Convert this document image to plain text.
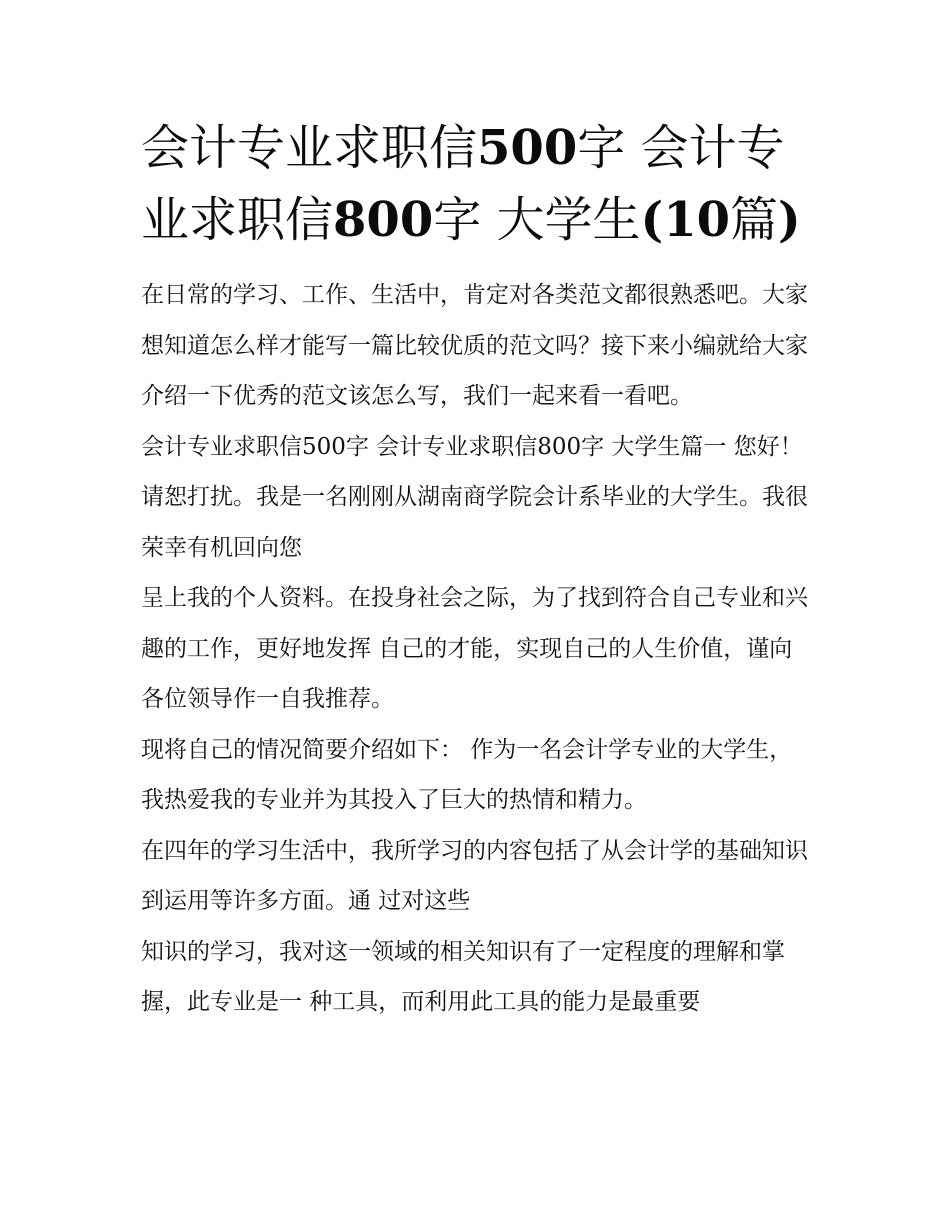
会计专业求职信500字 会计专业求职信800字 大学生(10篇)

在日常的学习、工作、生活中，肯定对各类范文都很熟悉吧。大家想知道怎么样才能写一篇比较优质的范文吗？接下来小编就给大家介绍一下优秀的范文该怎么写，我们一起来看一看吧。

会计专业求职信500字 会计专业求职信800字 大学生篇一 您好！请恕打扰。我是一名刚刚从湖南商学院会计系毕业的大学生。我很荣幸有机回向您

呈上我的个人资料。在投身社会之际，为了找到符合自己专业和兴趣的工作，更好地发挥 自己的才能，实现自己的人生价值，谨向各位领导作一自我推荐。

现将自己的情况简要介绍如下： 作为一名会计学专业的大学生，我热爱我的专业并为其投入了巨大的热情和精力。

在四年的学习生活中，我所学习的内容包括了从会计学的基础知识到运用等许多方面。通 过对这些

知识的学习，我对这一领域的相关知识有了一定程度的理解和掌握，此专业是一 种工具，而利用此工具的能力是最重要
